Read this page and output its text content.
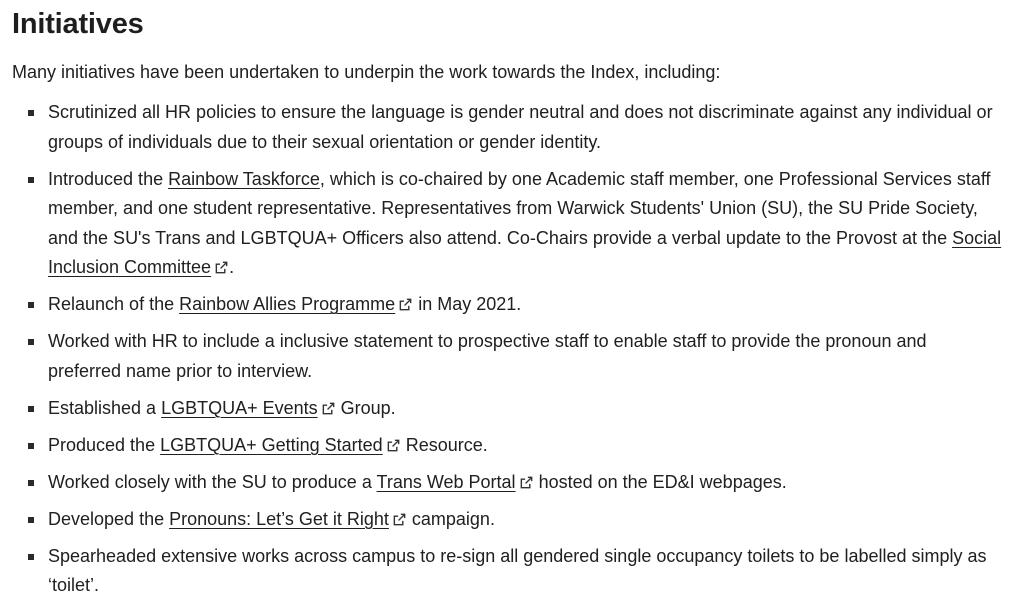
Initiatives

Many initiatives have been undertaken to underpin the work towards the Index, including:

Scrutinized all HR policies to ensure the language is gender neutral and does not discriminate against any individual or groups of individuals due to their sexual orientation or gender identity.
Introduced the Rainbow Taskforce, which is co-chaired by one Academic staff member, one Professional Services staff member, and one student representative. Representatives from Warwick Students' Union (SU), the SU Pride Society, and the SU's Trans and LGBTQUA+ Officers also attend. Co-Chairs provide a verbal update to the Provost at the Social Inclusion Committee .
Relaunch of the Rainbow Allies Programme
in May 2021.
Worked with HR to include a inclusive statement to prospective staff to enable staff to provide the pronoun and preferred name prior to interview.
Established a LGBTQUA+ Events
Group.
Produced the LGBTQUA+ Getting Started
Resource.
Worked closely with the SU to produce a Trans Web Portal
hosted on the ED&I webpages.
Developed the Pronouns: Let’s Get it Right
campaign.
Spearheaded extensive works across campus to re-sign all gendered single occupancy toilets to be labelled simply as ‘toilet’.
